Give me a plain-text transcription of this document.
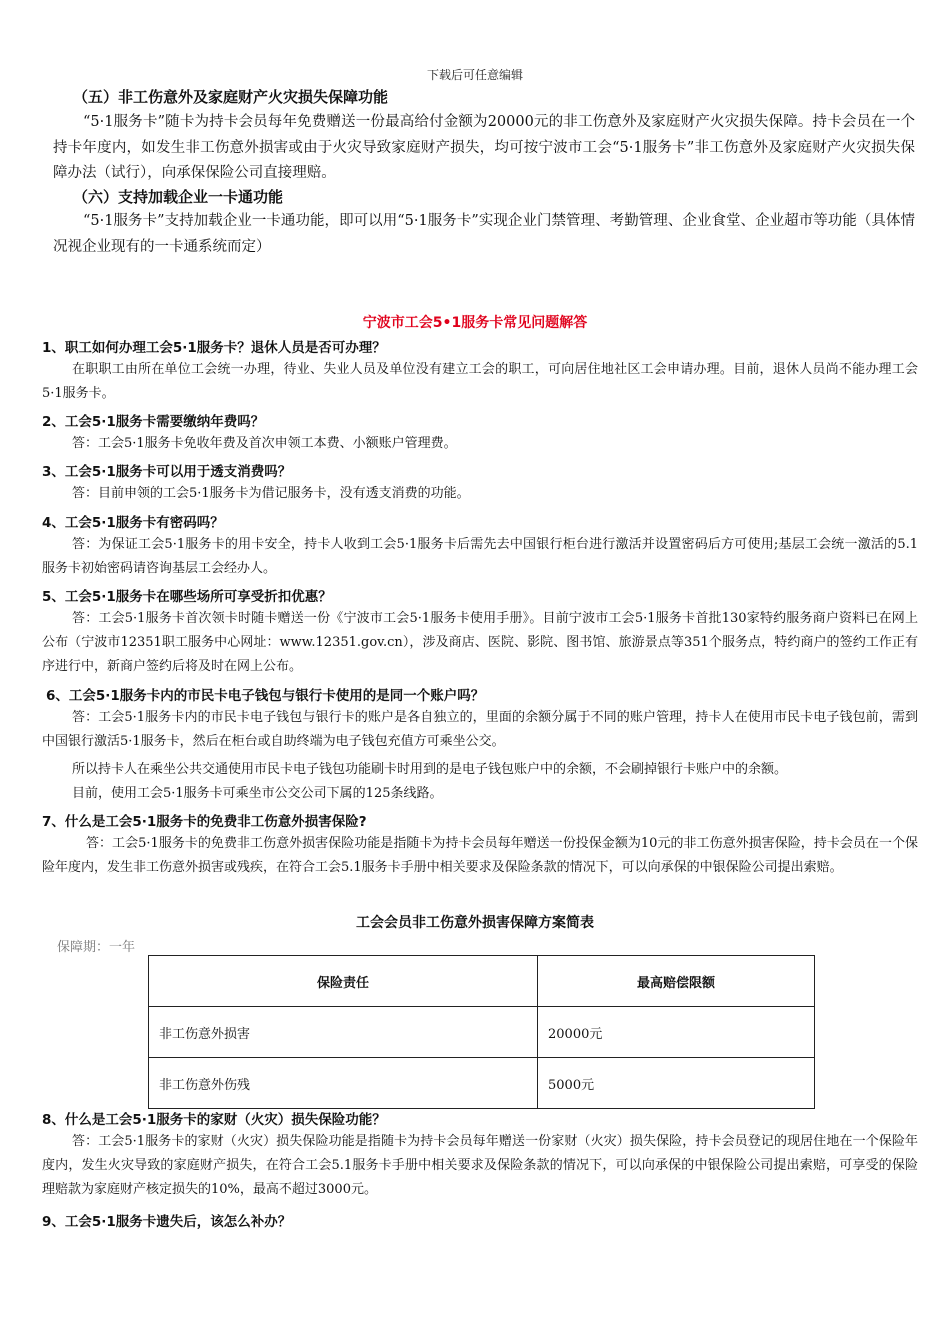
下载后可任意编辑
（五）非工伤意外及家庭财产火灾损失保障功能
“5·1服务卡”随卡为持卡会员每年免费赠送一份最高给付金额为20000元的非工伤意外及家庭财产火灾损失保障。持卡会员在一个持卡年度内，如发生非工伤意外损害或由于火灾导致家庭财产损失，均可按宁波市工会“5·1服务卡”非工伤意外及家庭财产火灾损失保障办法（试行），向承保保险公司直接理赔。
（六）支持加载企业一卡通功能
“5·1服务卡”支持加载企业一卡通功能，即可以用“5·1服务卡”实现企业门禁管理、考勤管理、企业食堂、企业超市等功能（具体情况视企业现有的一卡通系统而定）
宁波市工会5•1服务卡常见问题解答
1、职工如何办理工会5·1服务卡？退休人员是否可办理？
在职职工由所在单位工会统一办理，待业、失业人员及单位没有建立工会的职工，可向居住地社区工会申请办理。目前，退休人员尚不能办理工会5·1服务卡。
2、工会5·1服务卡需要缴纳年费吗？
答：工会5·1服务卡免收年费及首次申领工本费、小额账户管理费。
3、工会5·1服务卡可以用于透支消费吗？
答：目前申领的工会5·1服务卡为借记服务卡，没有透支消费的功能。
4、工会5·1服务卡有密码吗？
答：为保证工会5·1服务卡的用卡安全，持卡人收到工会5·1服务卡后需先去中国银行柜台进行激活并设置密码后方可使用;基层工会统一激活的5.1服务卡初始密码请咨询基层工会经办人。
5、工会5·1服务卡在哪些场所可享受折扣优惠？
答：工会5·1服务卡首次领卡时随卡赠送一份《宁波市工会5·1服务卡使用手册》。目前宁波市工会5·1服务卡首批130家特约服务商户资料已在网上公布（宁波市12351职工服务中心网址：www.12351.gov.cn），涉及商店、医院、影院、图书馆、旅游景点等351个服务点，特约商户的签约工作正有序进行中，新商户签约后将及时在网上公布。
6、工会5·1服务卡内的市民卡电子钱包与银行卡使用的是同一个账户吗？
答：工会5·1服务卡内的市民卡电子钱包与银行卡的账户是各自独立的，里面的余额分属于不同的账户管理，持卡人在使用市民卡电子钱包前，需到中国银行激活5·1服务卡，然后在柜台或自助终端为电子钱包充值方可乘坐公交。
所以持卡人在乘坐公共交通使用市民卡电子钱包功能刷卡时用到的是电子钱包账户中的余额，不会刷掉银行卡账户中的余额。
目前，使用工会5·1服务卡可乘坐市公交公司下属的125条线路。
7、什么是工会5·1服务卡的免费非工伤意外损害保险?
答：工会5·1服务卡的免费非工伤意外损害保险功能是指随卡为持卡会员每年赠送一份投保金额为10元的非工伤意外损害保险，持卡会员在一个保险年度内，发生非工伤意外损害或残疾，在符合工会5.1服务卡手册中相关要求及保险条款的情况下，可以向承保的中银保险公司提出索赔。
工会会员非工伤意外损害保障方案简表
保障期：一年
保险责任	最高赔偿限额
非工伤意外损害	20000元
非工伤意外伤残	5000元
8、什么是工会5·1服务卡的家财（火灾）损失保险功能？
答：工会5·1服务卡的家财（火灾）损失保险功能是指随卡为持卡会员每年赠送一份家财（火灾）损失保险，持卡会员登记的现居住地在一个保险年度内，发生火灾导致的家庭财产损失，在符合工会5.1服务卡手册中相关要求及保险条款的情况下，可以向承保的中银保险公司提出索赔，可享受的保险理赔款为家庭财产核定损失的10%，最高不超过3000元。
9、工会5·1服务卡遗失后，该怎么补办？
